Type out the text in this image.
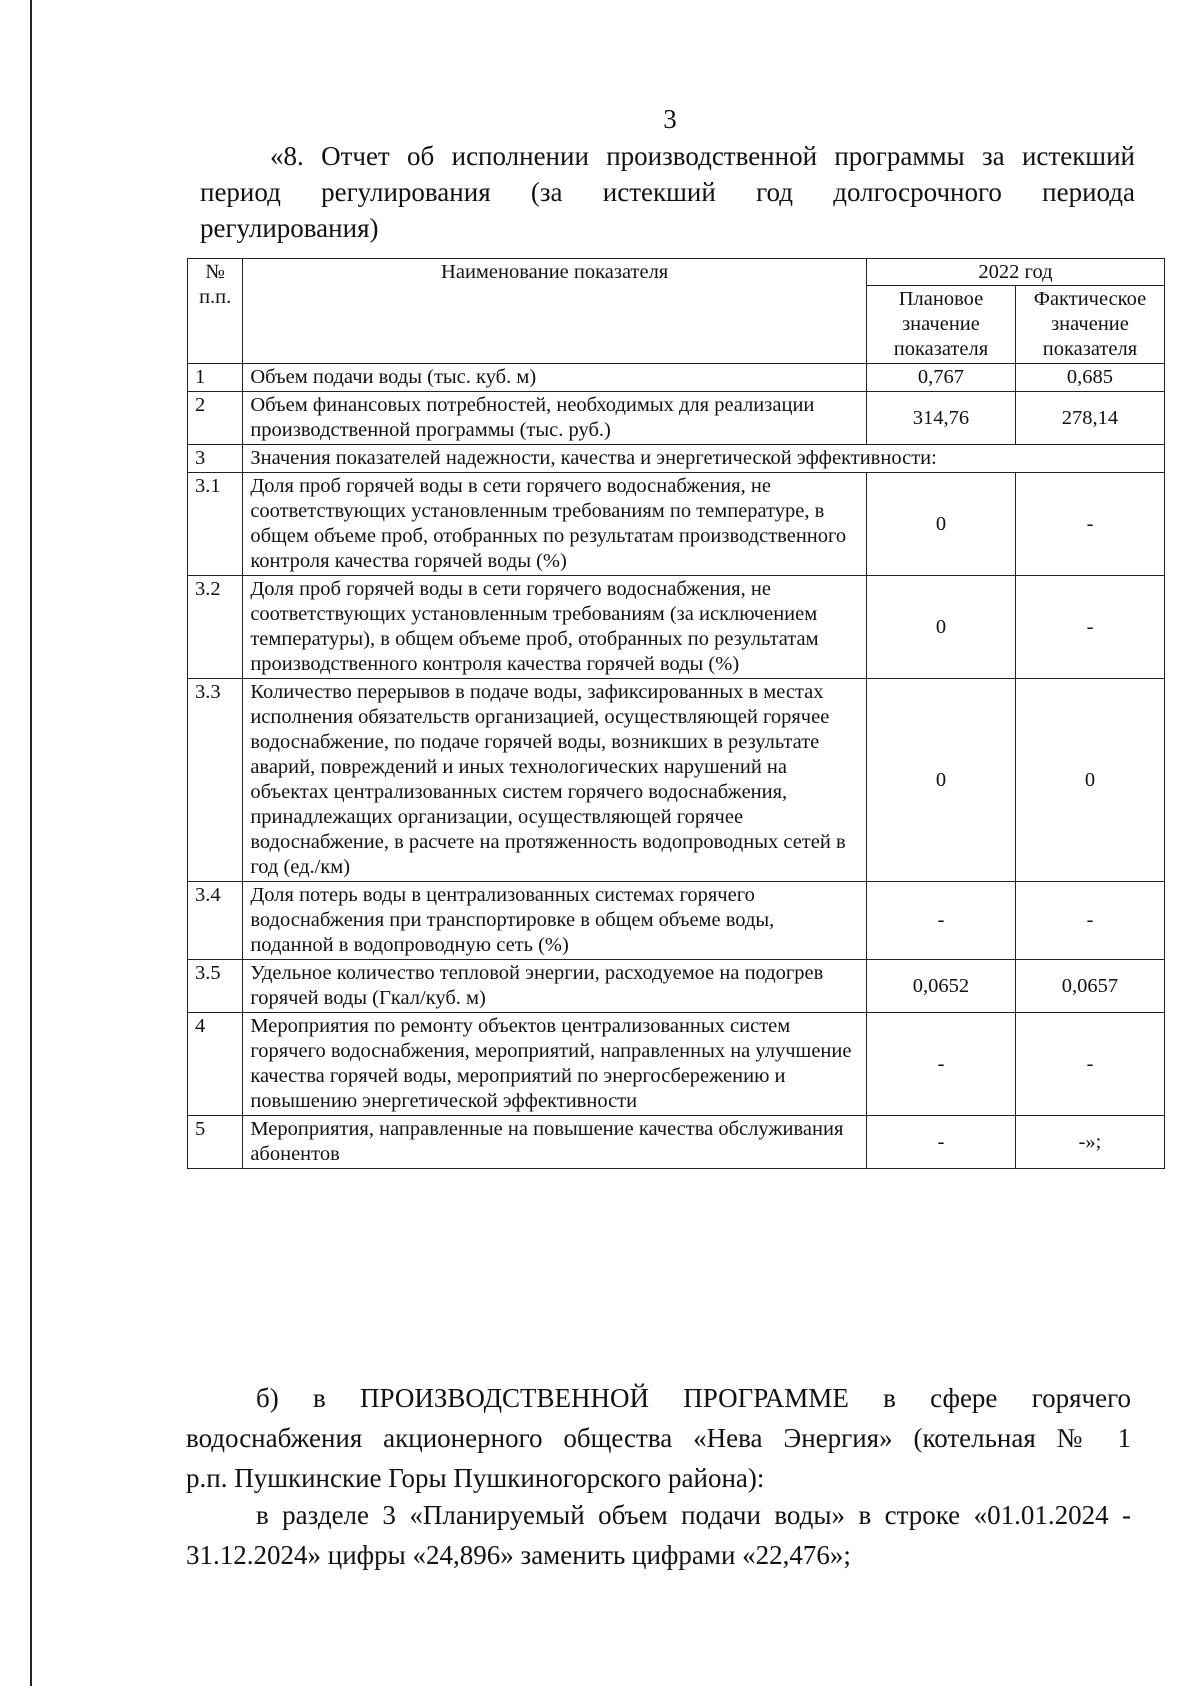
3
«8. Отчет об исполнении производственной программы за истекший
период регулирования (за истекший год долгосрочного периода
регулирования)
№ п.п.	Наименование показателя	2022 год	
		Плановое значение показателя	Фактическое значение показателя
1	Объем подачи воды (тыс. куб. м)	0,767	0,685
2	Объем финансовых потребностей, необходимых для реализации производственной программы (тыс. руб.)	314,76	278,14
3	Значения показателей надежности, качества и энергетической эффективности:		
3.1	Доля проб горячей воды в сети горячего водоснабжения, не соответствующих установленным требованиям по температуре, в общем объеме проб, отобранных по результатам производственного контроля качества горячей воды (%)	0	-
3.2	Доля проб горячей воды в сети горячего водоснабжения, не соответствующих установленным требованиям (за исключением температуры), в общем объеме проб, отобранных по результатам производственного контроля качества горячей воды (%)	0	-
3.3	Количество перерывов в подаче воды, зафиксированных в местах исполнения обязательств организацией, осуществляющей горячее водоснабжение, по подаче горячей воды, возникших в результате аварий, повреждений и иных технологических нарушений на объектах централизованных систем горячего водоснабжения, принадлежащих организации, осуществляющей горячее водоснабжение, в расчете на протяженность водопроводных сетей в год (ед./км)	0	0
3.4	Доля потерь воды в централизованных системах горячего водоснабжения при транспортировке в общем объеме воды, поданной в водопроводную сеть (%)	-	-
3.5	Удельное количество тепловой энергии, расходуемое на подогрев горячей воды (Гкал/куб. м)	0,0652	0,0657
4	Мероприятия по ремонту объектов централизованных систем горячего водоснабжения, мероприятий, направленных на улучшение качества горячей воды, мероприятий по энергосбережению и повышению энергетической эффективности	-	-
5	Мероприятия, направленные на повышение качества обслуживания абонентов	-	-»;
б) в ПРОИЗВОДСТВЕННОЙ ПРОГРАММЕ в сфере горячего
водоснабжения акционерного общества «Нева Энергия» (котельная № 1
р.п. Пушкинские Горы Пушкиногорского района):
в разделе 3 «Планируемый объем подачи воды» в строке «01.01.2024 -
31.12.2024» цифры «24,896» заменить цифрами «22,476»;
